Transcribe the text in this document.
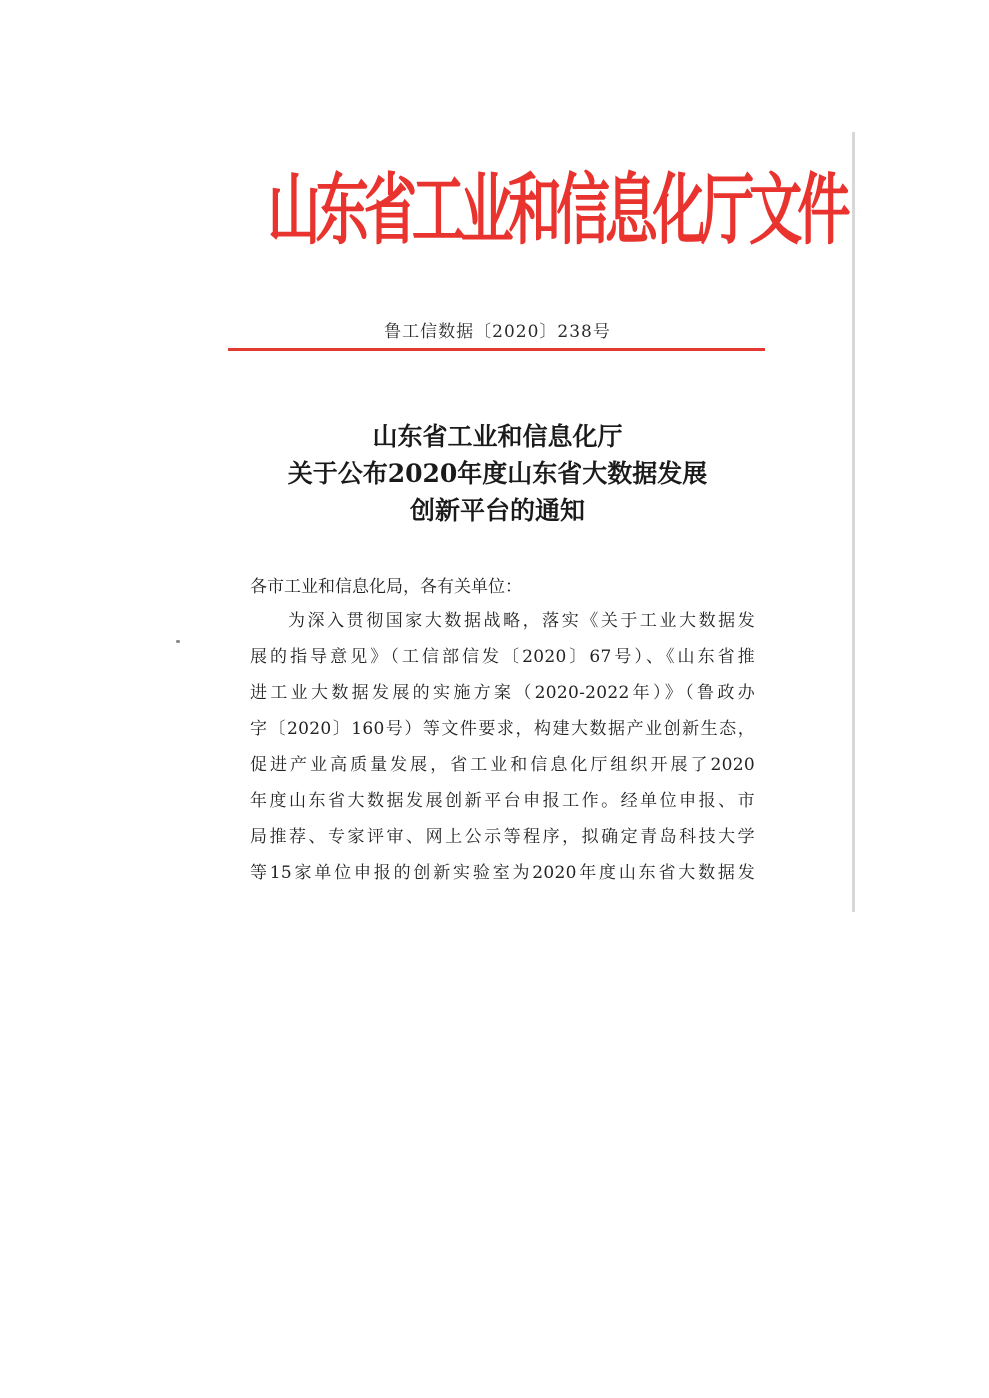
山东省工业和信息化厅文件
鲁工信数据〔2020〕238号
山东省工业和信息化厅
关于公布2020年度山东省大数据发展
创新平台的通知
各市工业和信息化局，各有关单位：
为深入贯彻国家大数据战略，落实《关于工业大数据发
展的指导意见》（工信部信发〔2020〕67号）、《山东省推
进工业大数据发展的实施方案（2020-2022年）》（鲁政办
字〔2020〕160号）等文件要求，构建大数据产业创新生态，
促进产业高质量发展，省工业和信息化厅组织开展了2020
年度山东省大数据发展创新平台申报工作。经单位申报、市
局推荐、专家评审、网上公示等程序，拟确定青岛科技大学
等15家单位申报的创新实验室为2020年度山东省大数据发
